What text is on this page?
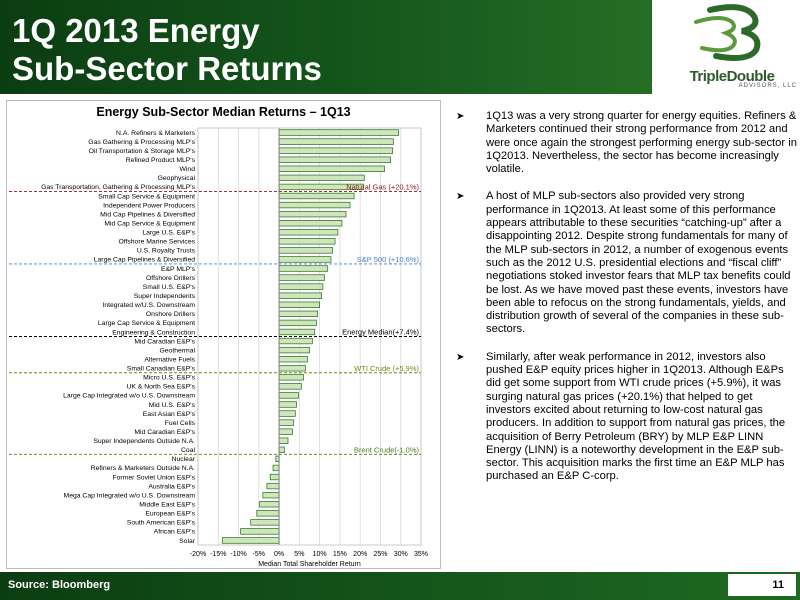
1Q 2013 Energy
Sub-Sector Returns	TripleDouble
ADVISORS, LLC
Energy Sub-Sector Median Returns – 1Q13
N.A. Refiners & Marketers
Gas Gathering & Processing MLP's
Oil Transportation & Storage MLP's
Refined Product MLP's
Wind
Geophysical
Gas Transportation, Gathering & Processing MLP's
Small Cap Service & Equipment
Independent Power Producers
Mid Cap Pipelines & Diversified
Mid Cap Service & Equipment
Large U.S. E&P's
Offshore Marine Services
U.S. Royalty Trusts
Large Cap Pipelines & Diversified
E&P MLP's
Offshore Drillers
Small U.S. E&P's
Super Independents
Integrated w/U.S. Downstream
Onshore Drillers
Large Cap Service & Equipment
Engineering & Construction
Mid Caradian E&P's
Geothermal
Alternative Fuels
Small Canadian E&P's
Micro U.S. E&P's
UK & North Sea E&P's
Large Cap Integrated w/o U.S. Downstream
Mid U.S. E&P's
East Asian E&P's
Fuel Cells
Mid Caradian E&P's
Super Independents Outside N.A.
Coal
Nuclear
Refiners & Marketers Outside N.A.
Former Soviet Union E&P's
Australia E&P's
Mega Cap Integrated w/o U.S. Downstream
Middle East E&P's
European E&P's
South American E&P's
African E&P's
Solar
Natural Gas (+20.1%)
S&P 500 (+10.6%)
Energy Median(+7.4%)
WTI Crude (+5.9%)
Brent Crude(-1.0%)
-20% -15% -10% -5% 0% 5% 10% 15% 20% 25% 30% 35%
Median Total Shareholder Return
➤ 1Q13 was a very strong quarter for energy equities. Refiners & Marketers continued their strong performance from 2012 and were once again the strongest performing energy sub-sector in 1Q2013. Nevertheless, the sector has become increasingly volatile.
➤ A host of MLP sub-sectors also provided very strong performance in 1Q2013. At least some of this performance appears attributable to these securities “catching-up” after a disappointing 2012. Despite strong fundamentals for many of the MLP sub-sectors in 2012, a number of exogenous events such as the 2012 U.S. presidential elections and “fiscal cliff” negotiations stoked investor fears that MLP tax benefits could be lost. As we have moved past these events, investors have been able to refocus on the strong fundamentals, yields, and distribution growth of several of the companies in these sub-sectors.
➤ Similarly, after weak performance in 2012, investors also pushed E&P equity prices higher in 1Q2013. Although E&Ps did get some support from WTI crude prices (+5.9%), it was surging natural gas prices (+20.1%) that helped to get investors excited about returning to low-cost natural gas producers. In addition to support from natural gas prices, the acquisition of Berry Petroleum (BRY) by MLP E&P LINN Energy (LINN) is a noteworthy development in the E&P sub-sector. This acquisition marks the first time an E&P MLP has purchased an E&P C-corp.
Source: Bloomberg	11
